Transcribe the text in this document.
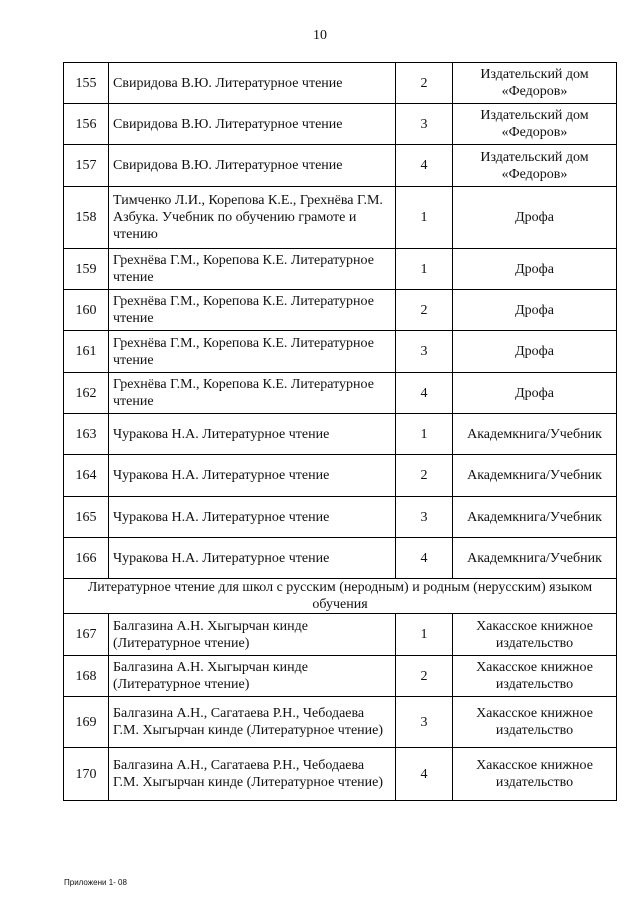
10
155	Свиридова В.Ю. Литературное чтение	2	Издательский дом «Федоров»
156	Свиридова В.Ю. Литературное чтение	3	Издательский дом «Федоров»
157	Свиридова В.Ю. Литературное чтение	4	Издательский дом «Федоров»
158	Тимченко Л.И., Корепова К.Е., Грехнёва Г.М. Азбука. Учебник по обучению грамоте и чтению	1	Дрофа
159	Грехнёва Г.М., Корепова К.Е. Литературное чтение	1	Дрофа
160	Грехнёва Г.М., Корепова К.Е. Литературное чтение	2	Дрофа
161	Грехнёва Г.М., Корепова К.Е. Литературное чтение	3	Дрофа
162	Грехнёва Г.М., Корепова К.Е. Литературное чтение	4	Дрофа
163	Чуракова Н.А. Литературное чтение	1	Академкнига/Учебник
164	Чуракова Н.А. Литературное чтение	2	Академкнига/Учебник
165	Чуракова Н.А. Литературное чтение	3	Академкнига/Учебник
166	Чуракова Н.А. Литературное чтение	4	Академкнига/Учебник
Литературное чтение для школ с русским (неродным) и родным (нерусским) языком обучения			
167	Балгазина А.Н. Хыгырчан кинде (Литературное чтение)	1	Хакасское книжное издательство
168	Балгазина А.Н. Хыгырчан кинде (Литературное чтение)	2	Хакасское книжное издательство
169	Балгазина А.Н., Сагатаева Р.Н., Чебодаева Г.М. Хыгырчан кинде (Литературное чтение)	3	Хакасское книжное издательство
170	Балгазина А.Н., Сагатаева Р.Н., Чебодаева Г.М. Хыгырчан кинде (Литературное чтение)	4	Хакасское книжное издательство
Приложени 1- 08
